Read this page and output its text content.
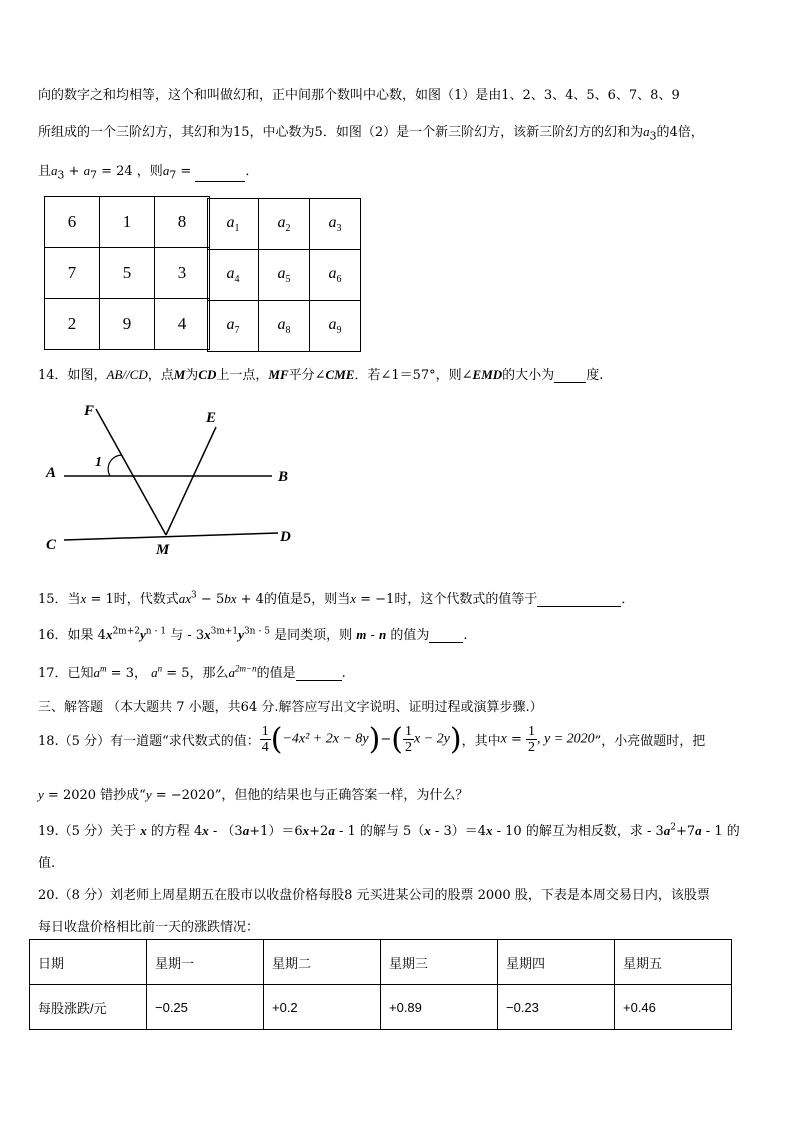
向的数字之和均相等，这个和叫做幻和，正中间那个数叫中心数，如图（1）是由1、2、3、4、5、6、7、8、9
所组成的一个三阶幻方，其幻和为15，中心数为5．如图（2）是一个新三阶幻方，该新三阶幻方的幻和为$a_3$的4倍，
且$a_3 + a_7 = 24$ ，则$a_7$ =	．
6	1	8
7	5	3
2	9	4
$a_1$	$a_2$	$a_3$
$a_4$	$a_5$	$a_6$
$a_7$	$a_8$	$a_9$
14．如图，AB//CD，点M为CD上一点，MF平分∠CME．若∠1＝57°，则∠EMD的大小为 度.
F	E
A
1
B
C	M
D
15．当x = 1时，代数式$ax^3 - 5bx + 4$的值是5，则当x = −1时，这个代数式的值等于	．
16．如果 $4x^{2m+2}y^{n - 1}$ 与 - $3x^{3m+1}y^{3n - 5}$ 是同类项，则 m - n 的值为	.
17．已知$a^m = 3$， $a^n = 5$，那么$a^{2m-n}$的值是	.
三、解答题 （本大题共 7 小题，共64 分.解答应写出文字说明、证明过程或演算步骤.）
18.（5 分）有一道题“求代数式的值： $\frac{1}{4} (-4x^2 + 2x - 8y)-( \frac{1}{2}$ x − 2y)，其中$x = \frac{1}{2}$ , y = 2020”，小亮做题时，把
y = 2020 错抄成“y = −2020”，但他的结果也与正确答案一样，为什么？
19.（5 分）关于 x 的方程 4x - （3a+1）＝6x+2a - 1 的解与 5（x - 3）＝4x - 10 的解互为相反数，求 - $3a^2+7a - 1$ 的
值.
20.（8 分）刘老师上周星期五在股市以收盘价格每股8 元买进某公司的股票 2000 股，下表是本周交易日内，该股票
每日收盘价格相比前一天的涨跌情况：
日期	星期一	星期二	星期三	星期四	星期五
每股涨跌/元	−0.25	+0.2	+0.89	−0.23	+0.46
